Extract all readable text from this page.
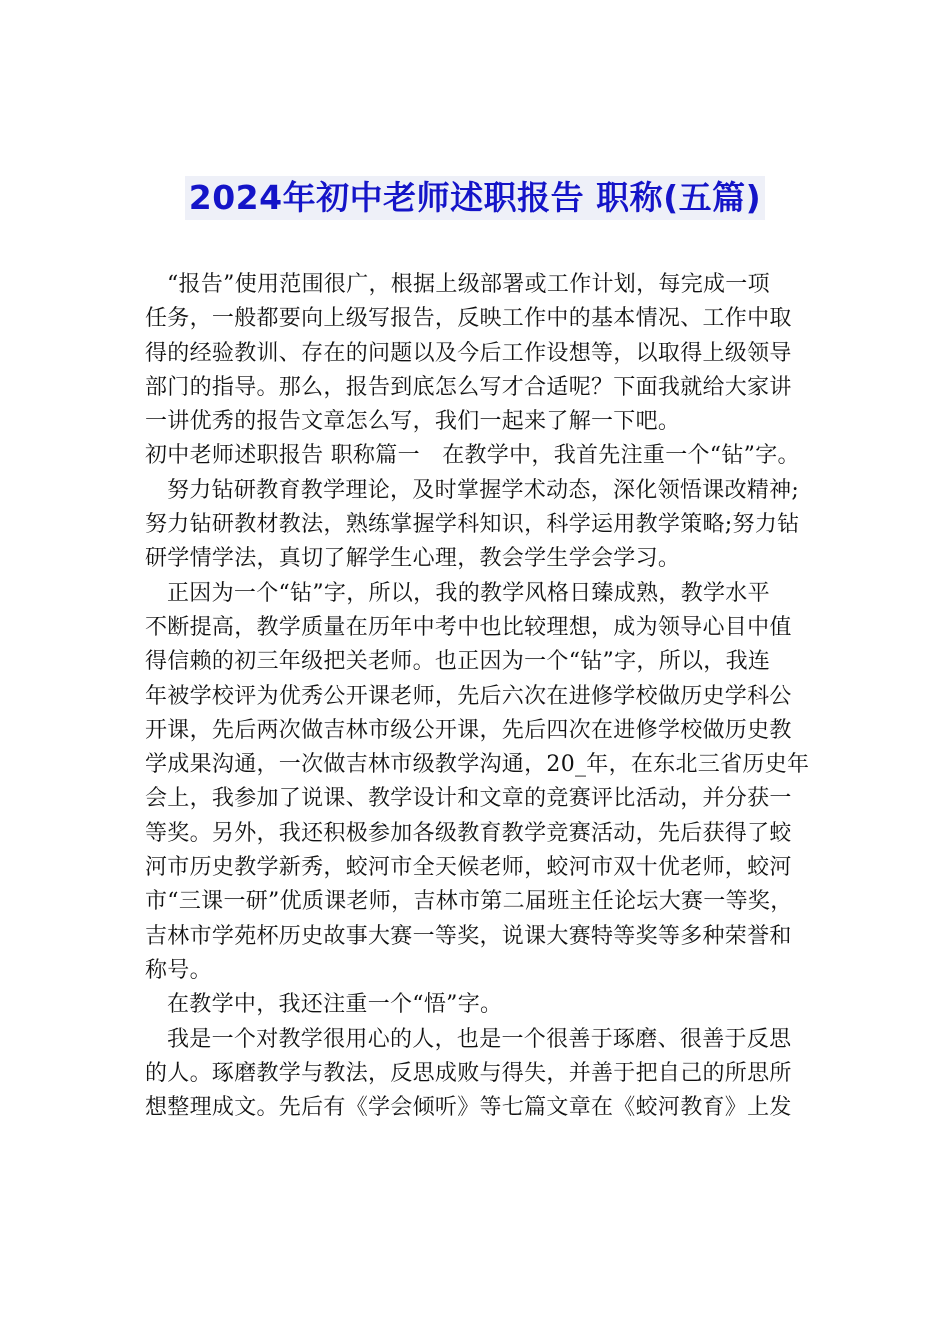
2024年初中老师述职报告 职称(五篇)
“报告”使用范围很广，根据上级部署或工作计划，每完成一项
任务，一般都要向上级写报告，反映工作中的基本情况、工作中取
得的经验教训、存在的问题以及今后工作设想等，以取得上级领导
部门的指导。那么，报告到底怎么写才合适呢？下面我就给大家讲
一讲优秀的报告文章怎么写，我们一起来了解一下吧。
初中老师述职报告 职称篇一　在教学中，我首先注重一个“钻”字。
努力钻研教育教学理论，及时掌握学术动态，深化领悟课改精神;
努力钻研教材教法，熟练掌握学科知识，科学运用教学策略;努力钻
研学情学法，真切了解学生心理，教会学生学会学习。
正因为一个“钻”字，所以，我的教学风格日臻成熟，教学水平
不断提高，教学质量在历年中考中也比较理想，成为领导心目中值
得信赖的初三年级把关老师。也正因为一个“钻”字，所以，我连
年被学校评为优秀公开课老师，先后六次在进修学校做历史学科公
开课，先后两次做吉林市级公开课，先后四次在进修学校做历史教
学成果沟通，一次做吉林市级教学沟通，20_年，在东北三省历史年
会上，我参加了说课、教学设计和文章的竞赛评比活动，并分获一
等奖。另外，我还积极参加各级教育教学竞赛活动，先后获得了蛟
河市历史教学新秀，蛟河市全天候老师，蛟河市双十优老师，蛟河
市“三课一研”优质课老师，吉林市第二届班主任论坛大赛一等奖，
吉林市学苑杯历史故事大赛一等奖，说课大赛特等奖等多种荣誉和
称号。
在教学中，我还注重一个“悟”字。
我是一个对教学很用心的人，也是一个很善于琢磨、很善于反思
的人。琢磨教学与教法，反思成败与得失，并善于把自己的所思所
想整理成文。先后有《学会倾听》等七篇文章在《蛟河教育》上发
